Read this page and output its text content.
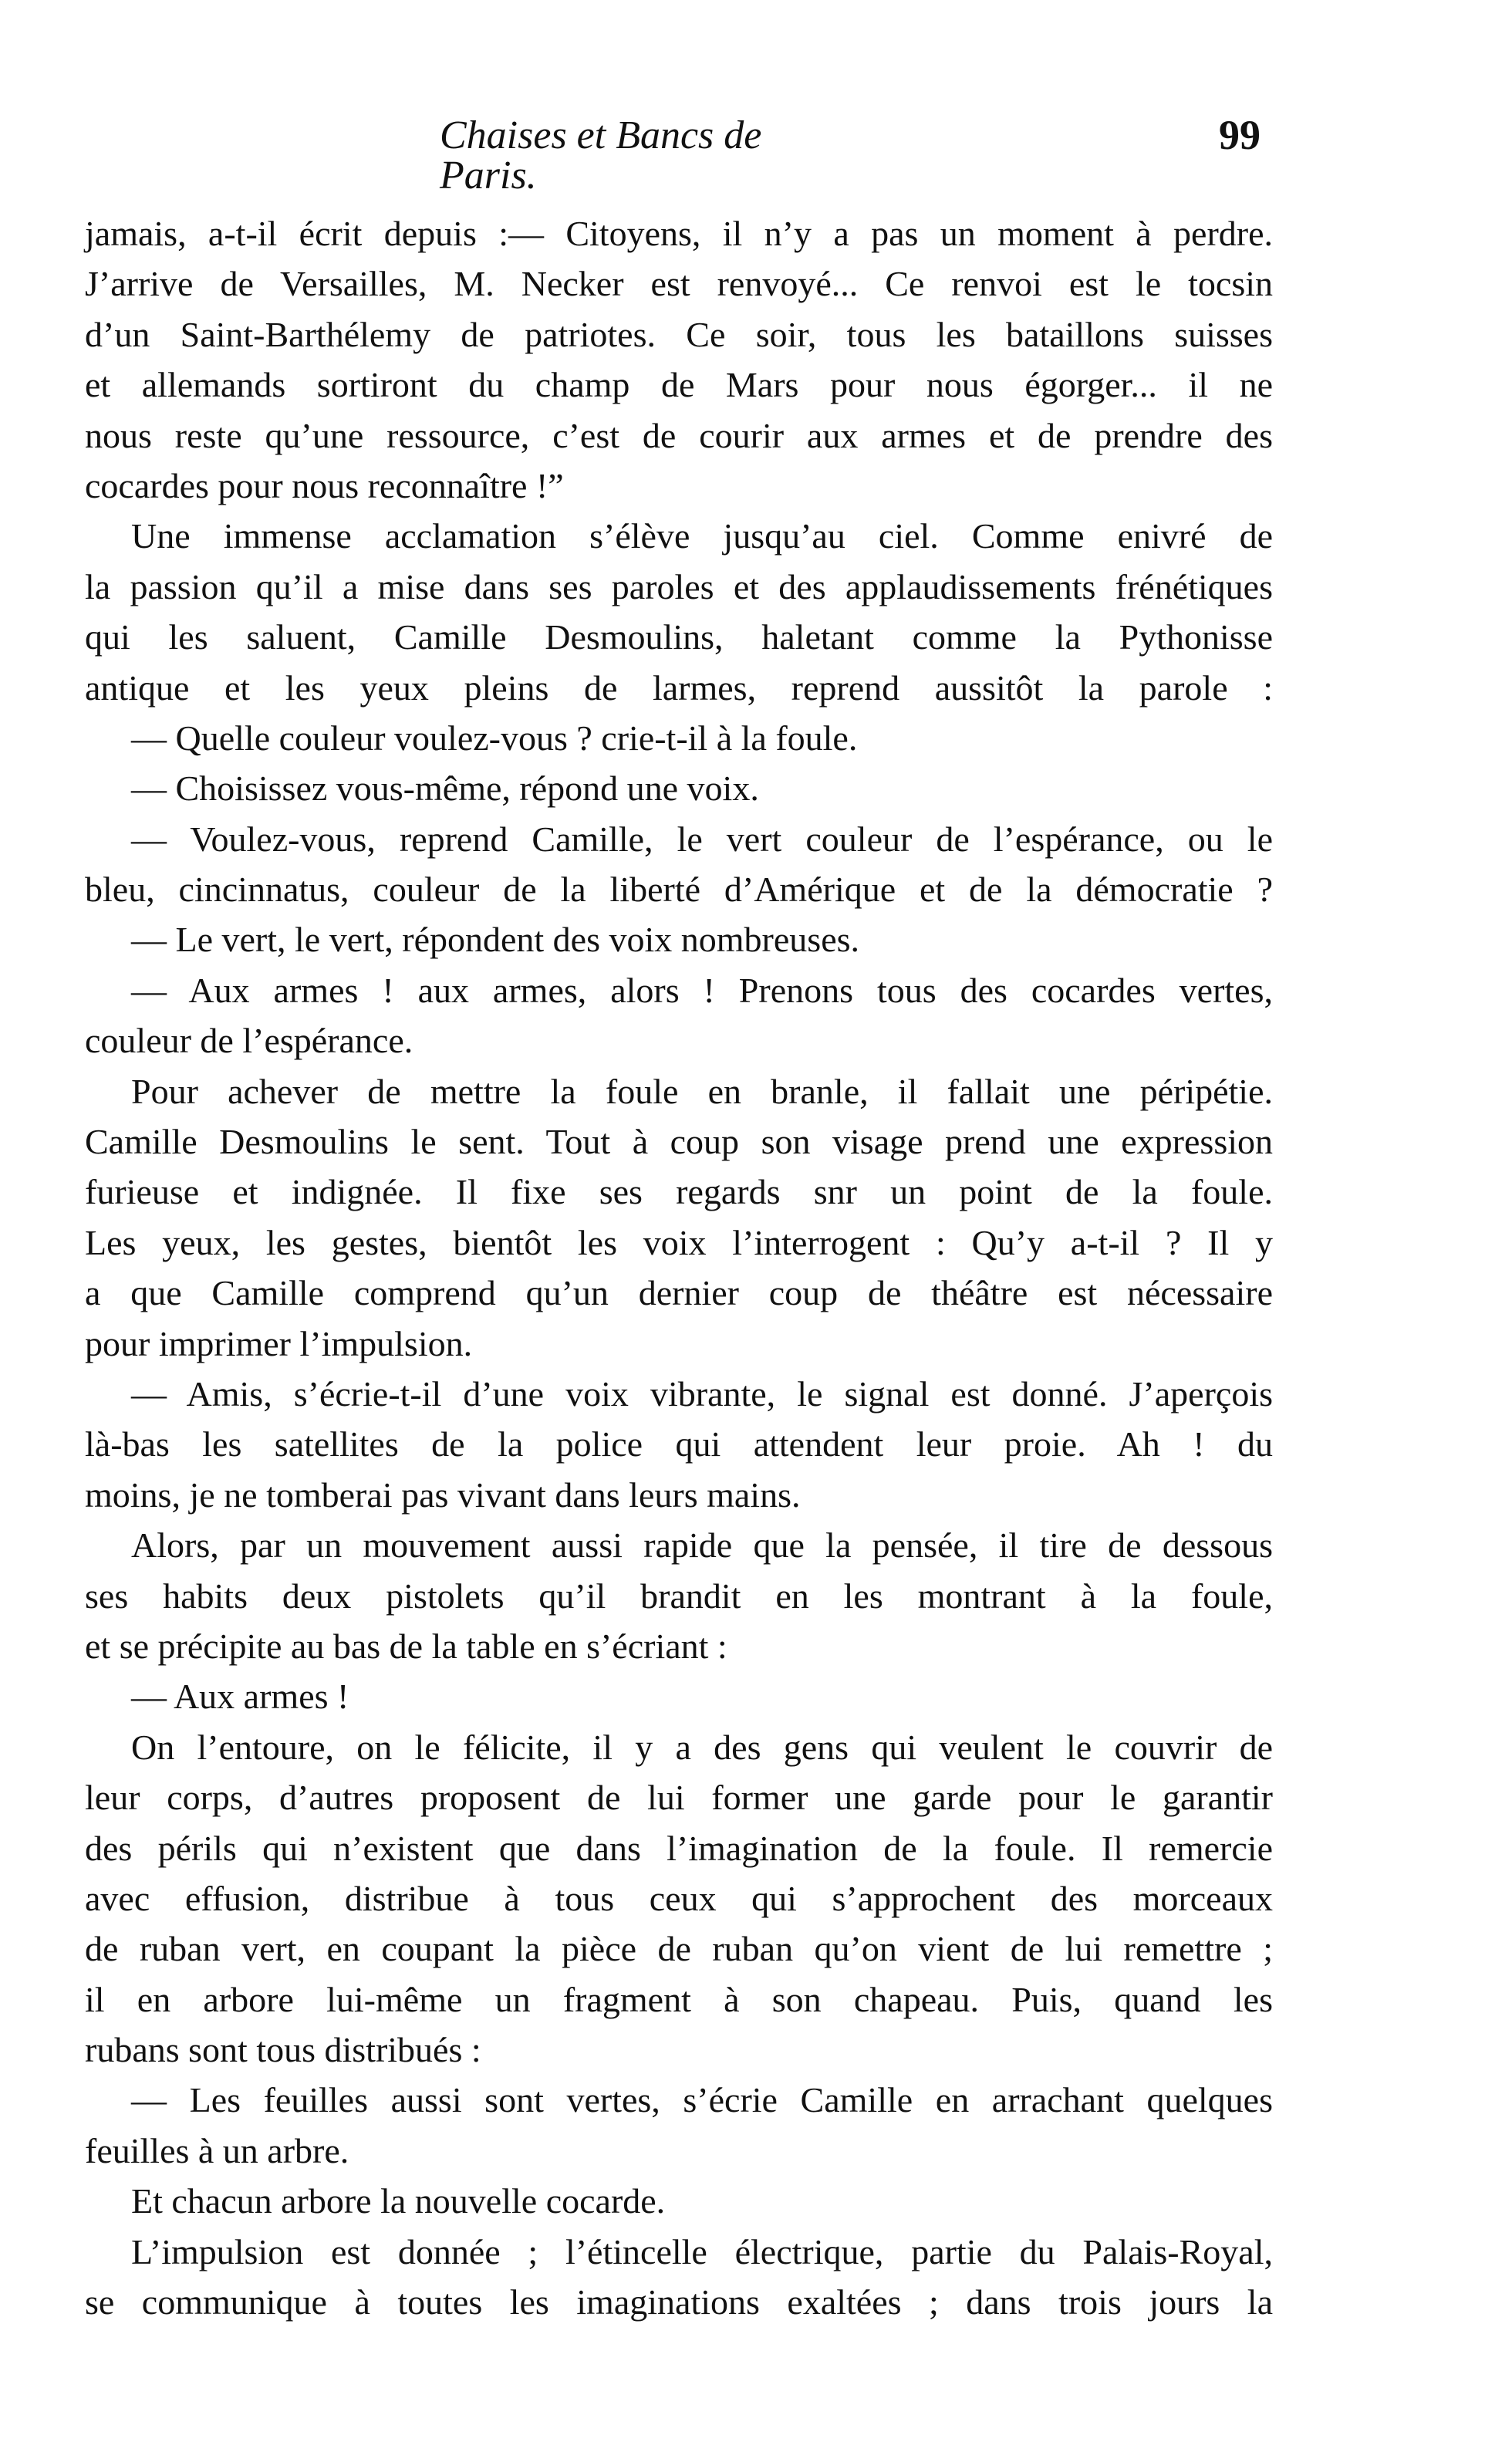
Chaises et Bancs de Paris.
99
jamais, a-t-il écrit depuis :— Citoyens, il n’y a pas un moment à perdre.
J’arrive de Versailles, M. Necker est renvoyé... Ce renvoi est le tocsin
d’un Saint-Barthélemy de patriotes. Ce soir, tous les bataillons suisses
et allemands sortiront du champ de Mars pour nous égorger... il ne
nous reste qu’une ressource, c’est de courir aux armes et de prendre des
cocardes pour nous reconnaître !”
Une immense acclamation s’élève jusqu’au ciel. Comme enivré de
la passion qu’il a mise dans ses paroles et des applaudissements frénétiques
qui les saluent, Camille Desmoulins, haletant comme la Pythonisse
antique et les yeux pleins de larmes, reprend aussitôt la parole :
— Quelle couleur voulez-vous ? crie-t-il à la foule.
— Choisissez vous-même, répond une voix.
— Voulez-vous, reprend Camille, le vert couleur de l’espérance, ou le
bleu, cincinnatus, couleur de la liberté d’Amérique et de la démocratie ?
— Le vert, le vert, répondent des voix nombreuses.
— Aux armes ! aux armes, alors ! Prenons tous des cocardes vertes,
couleur de l’espérance.
Pour achever de mettre la foule en branle, il fallait une péripétie.
Camille Desmoulins le sent. Tout à coup son visage prend une expression
furieuse et indignée. Il fixe ses regards snr un point de la foule.
Les yeux, les gestes, bientôt les voix l’interrogent : Qu’y a-t-il ? Il y
a que Camille comprend qu’un dernier coup de théâtre est nécessaire
pour imprimer l’impulsion.
— Amis, s’écrie-t-il d’une voix vibrante, le signal est donné. J’aperçois
là-bas les satellites de la police qui attendent leur proie. Ah ! du
moins, je ne tomberai pas vivant dans leurs mains.
Alors, par un mouvement aussi rapide que la pensée, il tire de dessous
ses habits deux pistolets qu’il brandit en les montrant à la foule,
et se précipite au bas de la table en s’écriant :
— Aux armes !
On l’entoure, on le félicite, il y a des gens qui veulent le couvrir de
leur corps, d’autres proposent de lui former une garde pour le garantir
des périls qui n’existent que dans l’imagination de la foule. Il remercie
avec effusion, distribue à tous ceux qui s’approchent des morceaux
de ruban vert, en coupant la pièce de ruban qu’on vient de lui remettre ;
il en arbore lui-même un fragment à son chapeau. Puis, quand les
rubans sont tous distribués :
— Les feuilles aussi sont vertes, s’écrie Camille en arrachant quelques
feuilles à un arbre.
Et chacun arbore la nouvelle cocarde.
L’impulsion est donnée ; l’étincelle électrique, partie du Palais-Royal,
se communique à toutes les imaginations exaltées ; dans trois jours la
